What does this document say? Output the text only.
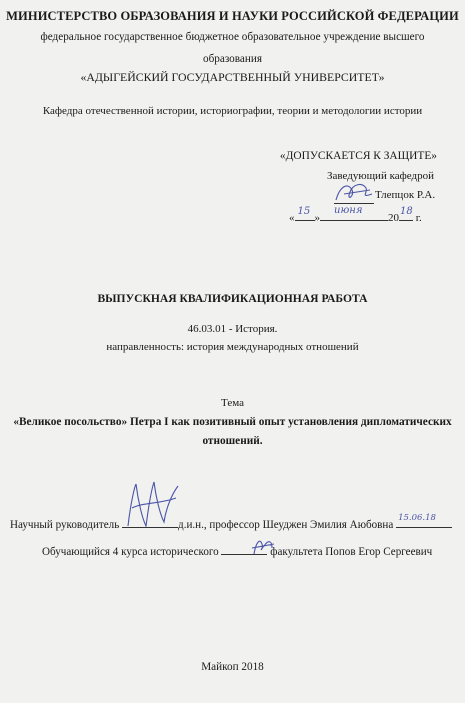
МИНИСТЕРСТВО ОБРАЗОВАНИЯ И НАУКИ РОССИЙСКОЙ ФЕДЕРАЦИИ
федеральное государственное бюджетное образовательное учреждение высшего
образования
«АДЫГЕЙСКИЙ ГОСУДАРСТВЕННЫЙ УНИВЕРСИТЕТ»
Кафедра отечественной истории, историографии, теории и методологии истории
«ДОПУСКАЕТСЯ К ЗАЩИТЕ»
Заведующий кафедрой
Тлепцок Р.А.
«
15
»
июня
20
18
г.
ВЫПУСКНАЯ КВАЛИФИКАЦИОННАЯ РАБОТА
46.03.01 - История.
направленность: история международных отношений
Тема
«Великое посольство» Петра I как позитивный опыт установления дипломатических
отношений.
Научный руководитель	д.и.н., профессор Шеуджен Эмилия Аюбовна
15.06.18
Обучающийся 4 курса исторического	факультета Попов Егор Сергеевич
Майкоп 2018
